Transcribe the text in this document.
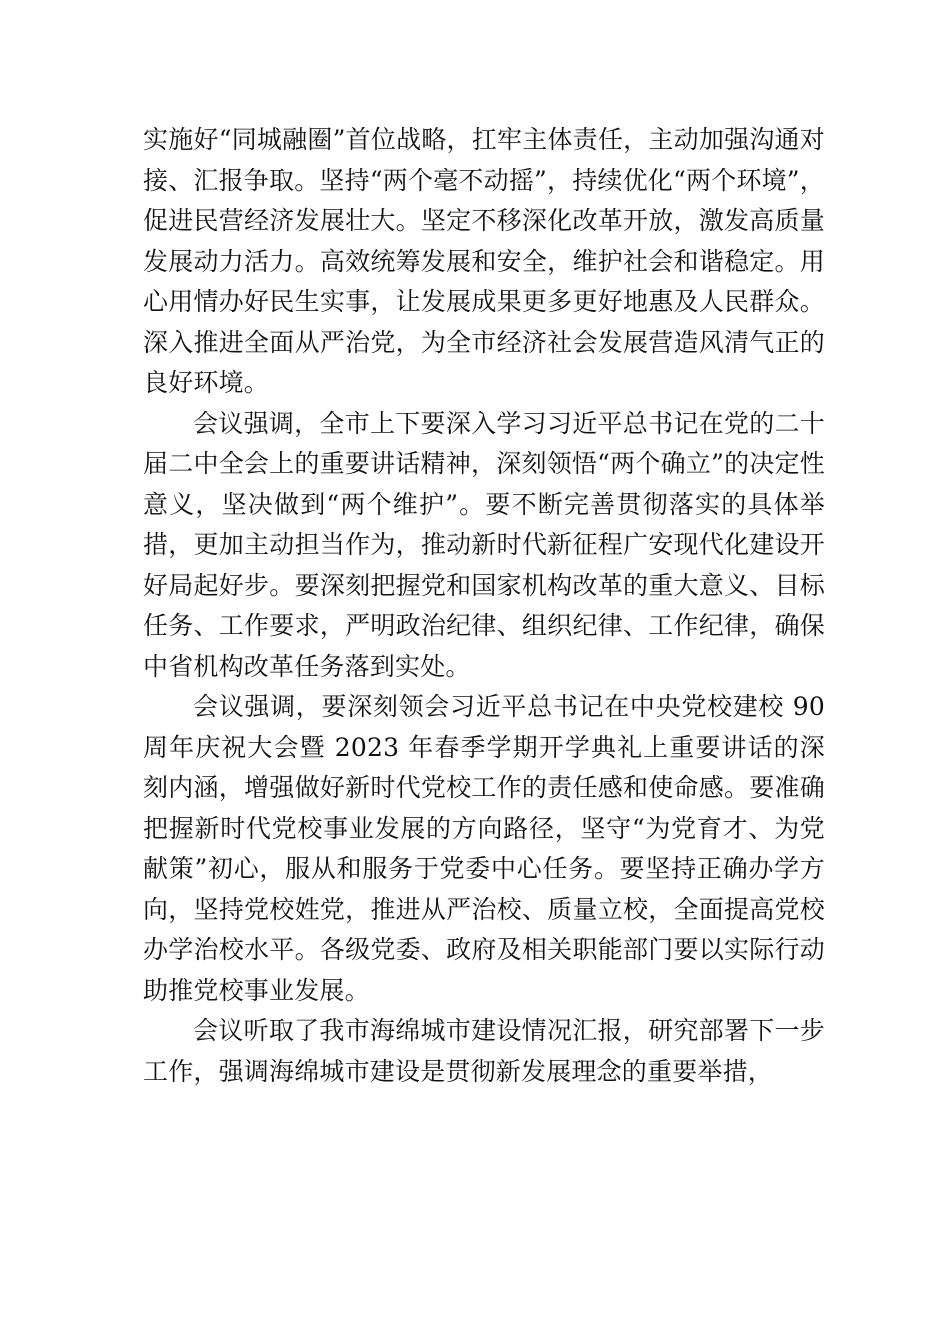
实施好“同城融圈”首位战略，扛牢主体责任，主动加强沟通对接、汇报争取。坚持“两个毫不动摇”，持续优化“两个环境”，促进民营经济发展壮大。坚定不移深化改革开放，激发高质量发展动力活力。高效统筹发展和安全，维护社会和谐稳定。用心用情办好民生实事，让发展成果更多更好地惠及人民群众。深入推进全面从严治党，为全市经济社会发展营造风清气正的良好环境。

会议强调，全市上下要深入学习习近平总书记在党的二十届二中全会上的重要讲话精神，深刻领悟“两个确立”的决定性意义，坚决做到“两个维护”。要不断完善贯彻落实的具体举措，更加主动担当作为，推动新时代新征程广安现代化建设开好局起好步。要深刻把握党和国家机构改革的重大意义、目标任务、工作要求，严明政治纪律、组织纪律、工作纪律，确保中省机构改革任务落到实处。

会议强调，要深刻领会习近平总书记在中央党校建校 90 周年庆祝大会暨 2023 年春季学期开学典礼上重要讲话的深刻内涵，增强做好新时代党校工作的责任感和使命感。要准确把握新时代党校事业发展的方向路径，坚守“为党育才、为党献策”初心，服从和服务于党委中心任务。要坚持正确办学方向，坚持党校姓党，推进从严治校、质量立校，全面提高党校办学治校水平。各级党委、政府及相关职能部门要以实际行动助推党校事业发展。

会议听取了我市海绵城市建设情况汇报，研究部署下一步工作，强调海绵城市建设是贯彻新发展理念的重要举措，
